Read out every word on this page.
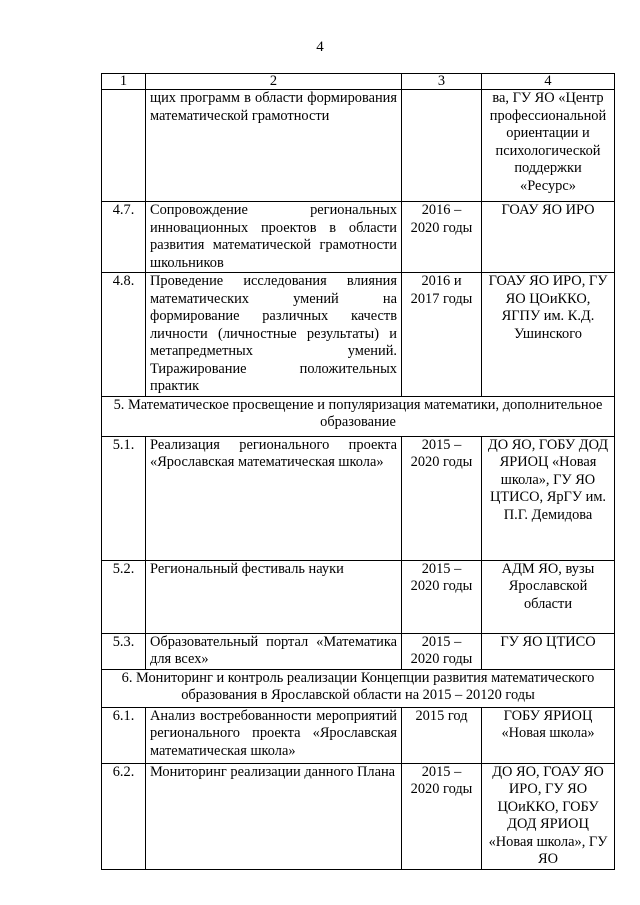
4
1	2	3	4
	щих программ в области формирования математической грамотности		ва, ГУ ЯО «Центр профессиональной ориентации и психологической поддержки «Ресурс»
4.7.	Сопровождение региональных инновационных проектов в области развития математической грамотности школьников	2016 – 2020 годы	ГОАУ ЯО ИРО
4.8.	Проведение исследования влияния математических умений на формирование различных качеств личности (личностные результаты) и метапредметных умений. Тиражирование положительных практик	2016 и 2017 годы	ГОАУ ЯО ИРО, ГУ ЯО ЦОиККО, ЯГПУ им. К.Д. Ушинского
5. Математическое просвещение и популяризация математики, дополнительное образование			
5.1.	Реализация регионального проекта «Ярославская математическая школа»	2015 – 2020 годы	ДО ЯО, ГОБУ ДОД ЯРИОЦ «Новая школа», ГУ ЯО ЦТИСО, ЯрГУ им. П.Г. Демидова
5.2.	Региональный фестиваль науки	2015 – 2020 годы	АДМ ЯО, вузы Ярославской области
5.3.	Образовательный портал «Математика для всех»	2015 – 2020 годы	ГУ ЯО ЦТИСО
6. Мониторинг и контроль реализации Концепции развития математического образования в Ярославской области на 2015 – 20120 годы			
6.1.	Анализ востребованности мероприятий регионального проекта «Ярославская математическая школа»	2015 год	ГОБУ ЯРИОЦ «Новая школа»
6.2.	Мониторинг реализации данного Плана	2015 – 2020 годы	ДО ЯО, ГОАУ ЯО ИРО, ГУ ЯО ЦОиККО, ГОБУ ДОД ЯРИОЦ «Новая школа», ГУ ЯО
